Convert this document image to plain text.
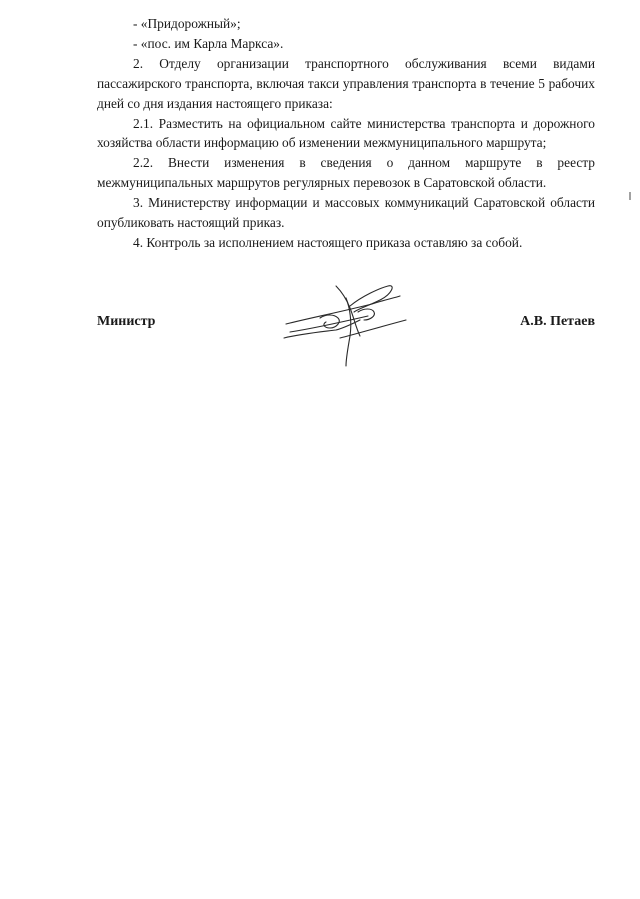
- «Придорожный»;

- «пос. им Карла Маркса».

2. Отделу организации транспортного обслуживания всеми видами пассажирского транспорта, включая такси управления транспорта в течение 5 рабочих дней со дня издания настоящего приказа:

2.1. Разместить на официальном сайте министерства транспорта и дорожного хозяйства области информацию об изменении межмуниципального маршрута;

2.2. Внести изменения в сведения о данном маршруте в реестр межмуниципальных маршрутов регулярных перевозок в Саратовской области.

3. Министерству информации и массовых коммуникаций Саратовской области опубликовать настоящий приказ.

4. Контроль за исполнением настоящего приказа оставляю за собой.

Министр	А.В. Петаев
